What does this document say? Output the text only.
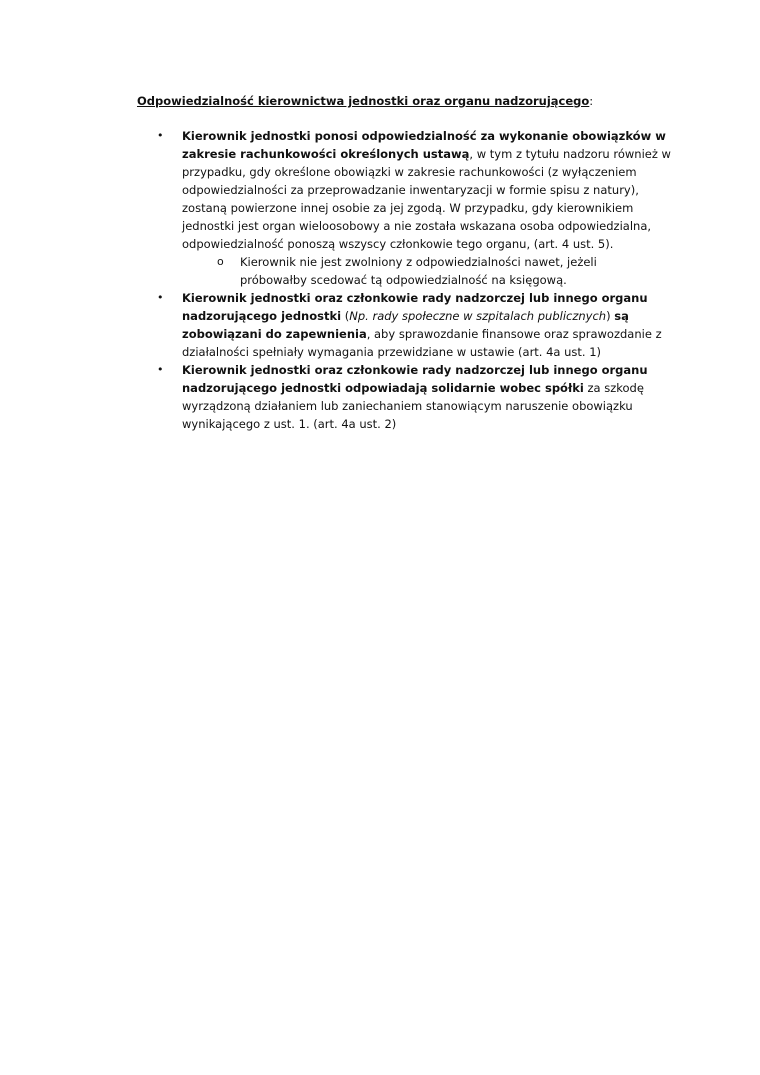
Odpowiedzialność kierownictwa jednostki oraz organu nadzorującego:
• Kierownik jednostki ponosi odpowiedzialność za wykonanie obowiązków w
zakresie rachunkowości określonych ustawą, w tym z tytułu nadzoru również w
przypadku, gdy określone obowiązki w zakresie rachunkowości (z wyłączeniem
odpowiedzialności za przeprowadzanie inwentaryzacji w formie spisu z natury),
zostaną powierzone innej osobie za jej zgodą. W przypadku, gdy kierownikiem
jednostki jest organ wieloosobowy a nie została wskazana osoba odpowiedzialna,
odpowiedzialność ponoszą wszyscy członkowie tego organu, (art. 4 ust. 5).
o Kierownik nie jest zwolniony z odpowiedzialności nawet, jeżeli
próbowałby scedować tą odpowiedzialność na księgową.
• Kierownik jednostki oraz członkowie rady nadzorczej lub innego organu
nadzorującego jednostki (Np. rady społeczne w szpitalach publicznych) są
zobowiązani do zapewnienia, aby sprawozdanie finansowe oraz sprawozdanie z
działalności spełniały wymagania przewidziane w ustawie (art. 4a ust. 1)
• Kierownik jednostki oraz członkowie rady nadzorczej lub innego organu
nadzorującego jednostki odpowiadają solidarnie wobec spółki za szkodę
wyrządzoną działaniem lub zaniechaniem stanowiącym naruszenie obowiązku
wynikającego z ust. 1. (art. 4a ust. 2)
